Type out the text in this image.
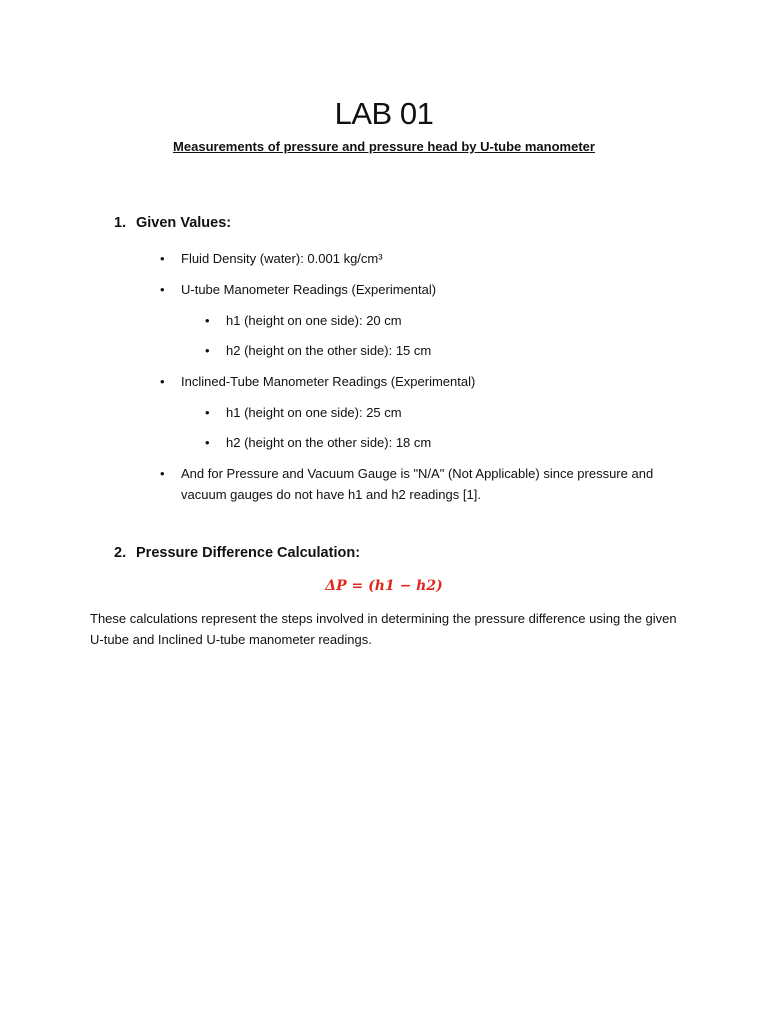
LAB 01

Measurements of pressure and pressure head by U-tube manometer

1. Given Values:
•	Fluid Density (water): 0.001 kg/cm³
•	U-tube Manometer Readings (Experimental)
•	h1 (height on one side): 20 cm
•	h2 (height on the other side): 15 cm
•	Inclined-Tube Manometer Readings (Experimental)
•	h1 (height on one side): 25 cm
•	h2 (height on the other side): 18 cm
•	And for Pressure and Vacuum Gauge is "N/A" (Not Applicable) since pressure and vacuum gauges do not have h1 and h2 readings [1].
2. Pressure Difference Calculation:

ΔP = (h1 − h2)

These calculations represent the steps involved in determining the pressure difference using the given U-tube and Inclined U-tube manometer readings.
